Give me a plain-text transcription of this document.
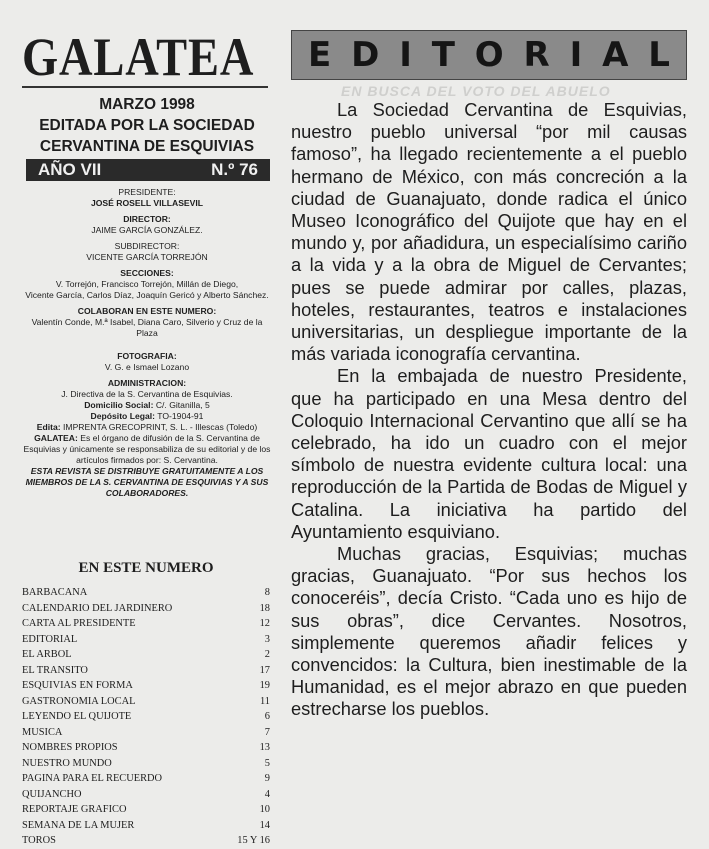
GALATEA
MARZO 1998
EDITADA POR LA SOCIEDAD
CERVANTINA DE ESQUIVIAS
AÑO VII	N.º 76
PRESIDENTE:
JOSÉ ROSELL VILLASEVIL
DIRECTOR:
JAIME GARCÍA GONZÁLEZ.
SUBDIRECTOR:
VICENTE GARCÍA TORREJÓN
SECCIONES:
V. Torrejón, Francisco Torrejón, Millán de Diego,
Vicente García, Carlos Díaz, Joaquín Gericó y Alberto Sánchez.
COLABORAN EN ESTE NUMERO:
Valentín Conde, M.ª Isabel, Diana Caro, Silverio y Cruz de la Plaza
FOTOGRAFIA:
V. G. e Ismael Lozano
ADMINISTRACION:
J. Directiva de la S. Cervantina de Esquivias.
Domicilio Social: C/. Gitanilla, 5
Depósito Legal: TO-1904-91
Edita: IMPRENTA GRECOPRINT, S. L. - Illescas (Toledo)
GALATEA: Es el órgano de difusión de la S. Cervantina de
Esquivias y únicamente se responsabiliza de su editorial y de los
artículos firmados por: S. Cervantina.
ESTA REVISTA SE DISTRIBUYE GRATUITAMENTE A LOS
MIEMBROS DE LA S. CERVANTINA DE ESQUIVIAS Y A SUS
COLABORADORES.
EN ESTE NUMERO
BARBACANA	8
CALENDARIO DEL JARDINERO	18
CARTA AL PRESIDENTE	12
EDITORIAL	3
EL ARBOL	2
EL TRANSITO	17
ESQUIVIAS EN FORMA	19
GASTRONOMIA LOCAL	11
LEYENDO EL QUIJOTE	6
MUSICA	7
NOMBRES PROPIOS	13
NUESTRO MUNDO	5
PAGINA PARA EL RECUERDO	9
QUIJANCHO	4
REPORTAJE GRAFICO	10
SEMANA DE LA MUJER	14
TOROS	15 Y 16
E D I T O R I A L
EN BUSCA DEL VOTO DEL ABUELO

La Sociedad Cervantina de Esquivias, nuestro pueblo universal “por mil causas famoso”, ha llegado recientemente a el pueblo hermano de México, con más concreción a la ciudad de Guanajuato, donde radica el único Museo Iconográfico del Quijote que hay en el mundo y, por añadidura, un especialísimo cariño a la vida y a la obra de Miguel de Cervantes; pues se puede admirar por calles, plazas, hoteles, restaurantes, teatros e instalaciones universitarias, un despliegue importante de la más variada iconografía cervantina.

En la embajada de nuestro Presidente, que ha participado en una Mesa dentro del Coloquio Internacional Cervantino que allí se ha celebrado, ha ido un cuadro con el mejor símbolo de nuestra evidente cultura local: una reproducción de la Partida de Bodas de Miguel y Catalina. La iniciativa ha partido del Ayuntamiento esquiviano.

Muchas gracias, Esquivias; muchas gracias, Guanajuato. “Por sus hechos los conoceréis”, decía Cristo. “Cada uno es hijo de sus obras”, dice Cervantes. Nosotros, simplemente queremos añadir felices y convencidos: la Cultura, bien inestimable de la Humanidad, es el mejor abrazo en que pueden estrecharse los pueblos.
